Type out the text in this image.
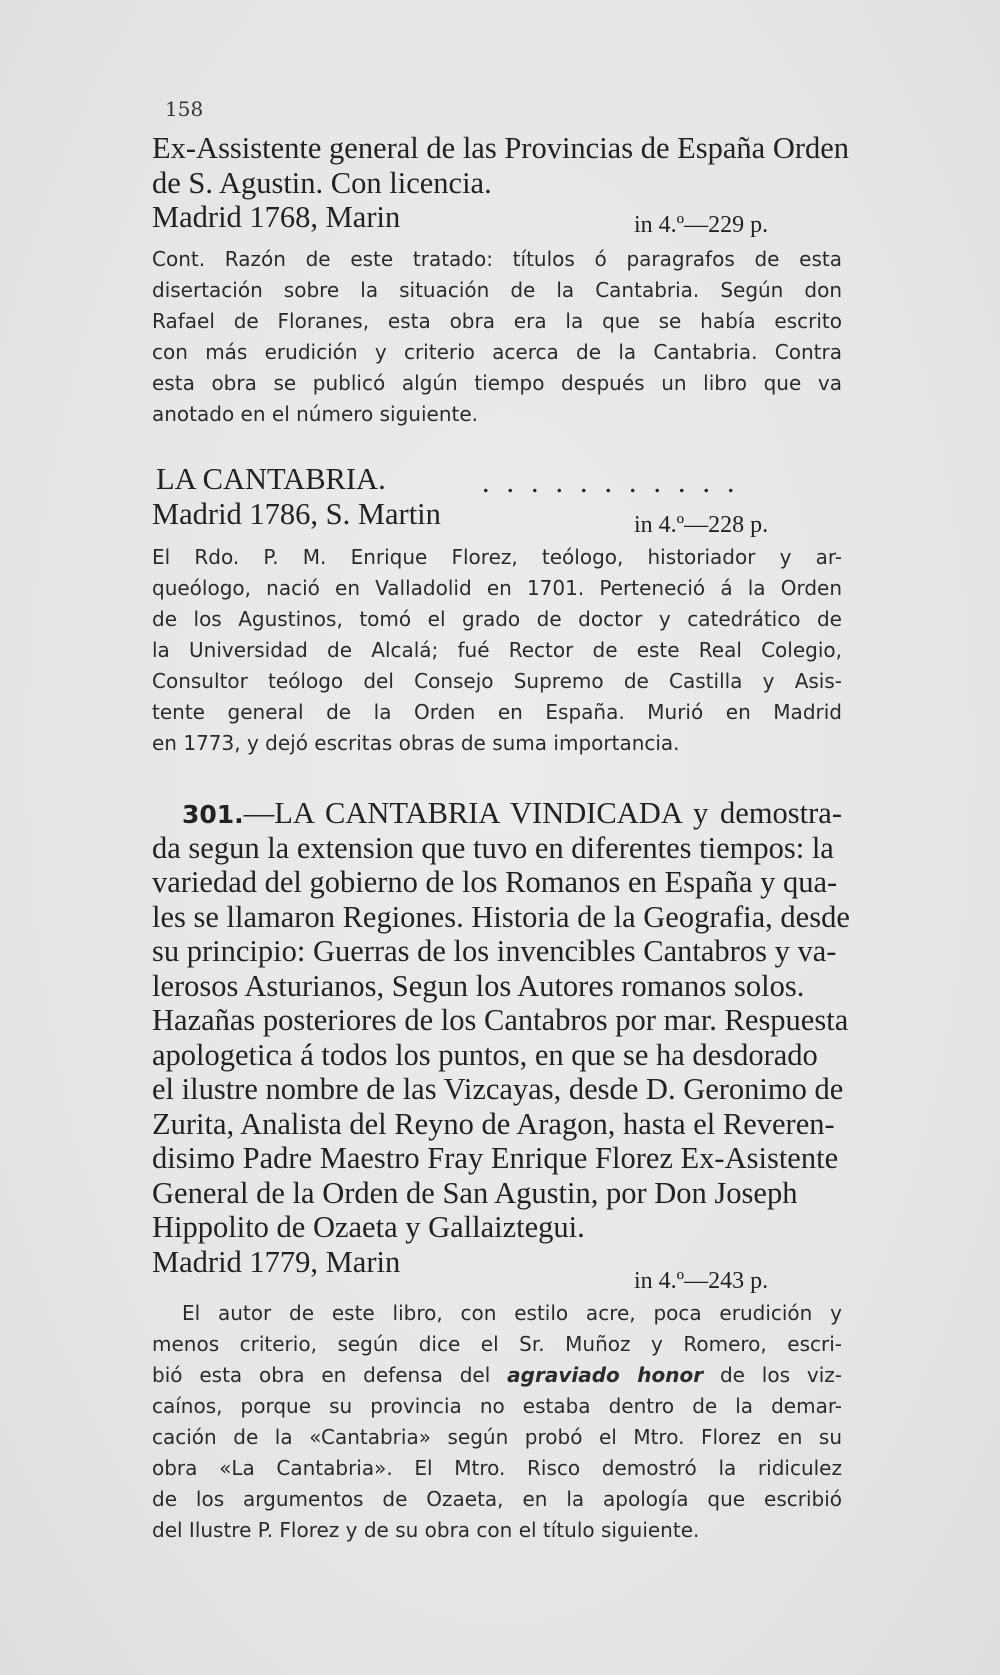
158
Ex-Assistente general de las Provincias de España Orden
de S. Agustin. Con licencia.
Madrid 1768, Marin	in 4.º—229 p.
Cont. Razón de este tratado: títulos ó paragrafos de esta
disertación sobre la situación de la Cantabria. Según don
Rafael de Floranes, esta obra era la que se había escrito
con más erudición y criterio acerca de la Cantabria. Contra
esta obra se publicó algún tiempo después un libro que va
anotado en el número siguiente.
LA CANTABRIA.
Madrid 1786, S. Martin
...........
in 4.º—228 p.
El Rdo. P. M. Enrique Florez, teólogo, historiador y ar-
queólogo, nació en Valladolid en 1701. Perteneció á la Orden
de los Agustinos, tomó el grado de doctor y catedrático de
la Universidad de Alcalá; fué Rector de este Real Colegio,
Consultor teólogo del Consejo Supremo de Castilla y Asis-
tente general de la Orden en España. Murió en Madrid
en 1773, y dejó escritas obras de suma importancia.
301.—LA CANTABRIA VINDICADA y demostra-
da segun la extension que tuvo en diferentes tiempos: la
variedad del gobierno de los Romanos en España y qua-
les se llamaron Regiones. Historia de la Geografia, desde
su principio: Guerras de los invencibles Cantabros y va-
lerosos Asturianos, Segun los Autores romanos solos.
Hazañas posteriores de los Cantabros por mar. Respuesta
apologetica á todos los puntos, en que se ha desdorado
el ilustre nombre de las Vizcayas, desde D. Geronimo de
Zurita, Analista del Reyno de Aragon, hasta el Reveren-
disimo Padre Maestro Fray Enrique Florez Ex-Asistente
General de la Orden de San Agustin, por Don Joseph
Hippolito de Ozaeta y Gallaiztegui.
Madrid 1779, Marin
in 4.º—243 p.
El autor de este libro, con estilo acre, poca erudición y
menos criterio, según dice el Sr. Muñoz y Romero, escri-
bió esta obra en defensa del agraviado honor de los viz-
caínos, porque su provincia no estaba dentro de la demar-
cación de la «Cantabria» según probó el Mtro. Florez en su
obra «La Cantabria». El Mtro. Risco demostró la ridiculez
de los argumentos de Ozaeta, en la apología que escribió
del Ilustre P. Florez y de su obra con el título siguiente.
